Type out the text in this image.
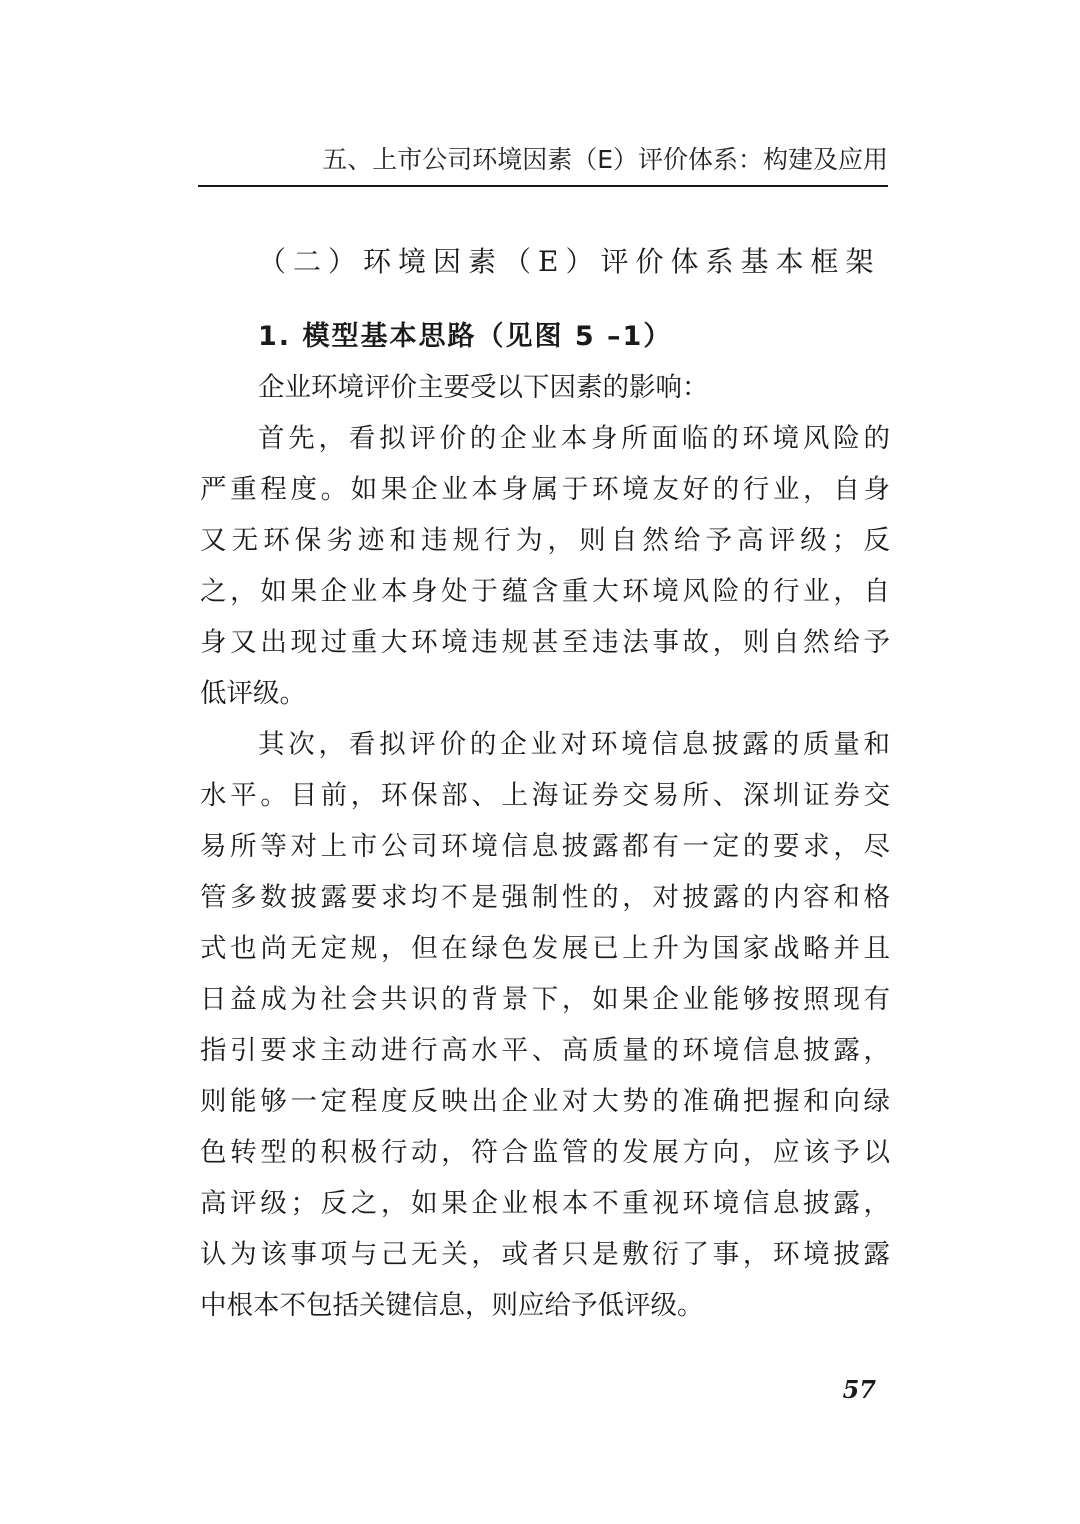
五、上市公司环境因素（E）评价体系：构建及应用
（二）环境因素（E）评价体系基本框架
1. 模型基本思路（见图 5 –1）
企业环境评价主要受以下因素的影响：
首先，看拟评价的企业本身所面临的环境风险的
严重程度。如果企业本身属于环境友好的行业，自身
又无环保劣迹和违规行为，则自然给予高评级；反
之，如果企业本身处于蕴含重大环境风险的行业，自
身又出现过重大环境违规甚至违法事故，则自然给予
低评级。
其次，看拟评价的企业对环境信息披露的质量和
水平。目前，环保部、上海证券交易所、深圳证券交
易所等对上市公司环境信息披露都有一定的要求，尽
管多数披露要求均不是强制性的，对披露的内容和格
式也尚无定规，但在绿色发展已上升为国家战略并且
日益成为社会共识的背景下，如果企业能够按照现有
指引要求主动进行高水平、高质量的环境信息披露，
则能够一定程度反映出企业对大势的准确把握和向绿
色转型的积极行动，符合监管的发展方向，应该予以
高评级；反之，如果企业根本不重视环境信息披露，
认为该事项与己无关，或者只是敷衍了事，环境披露
中根本不包括关键信息，则应给予低评级。
57
